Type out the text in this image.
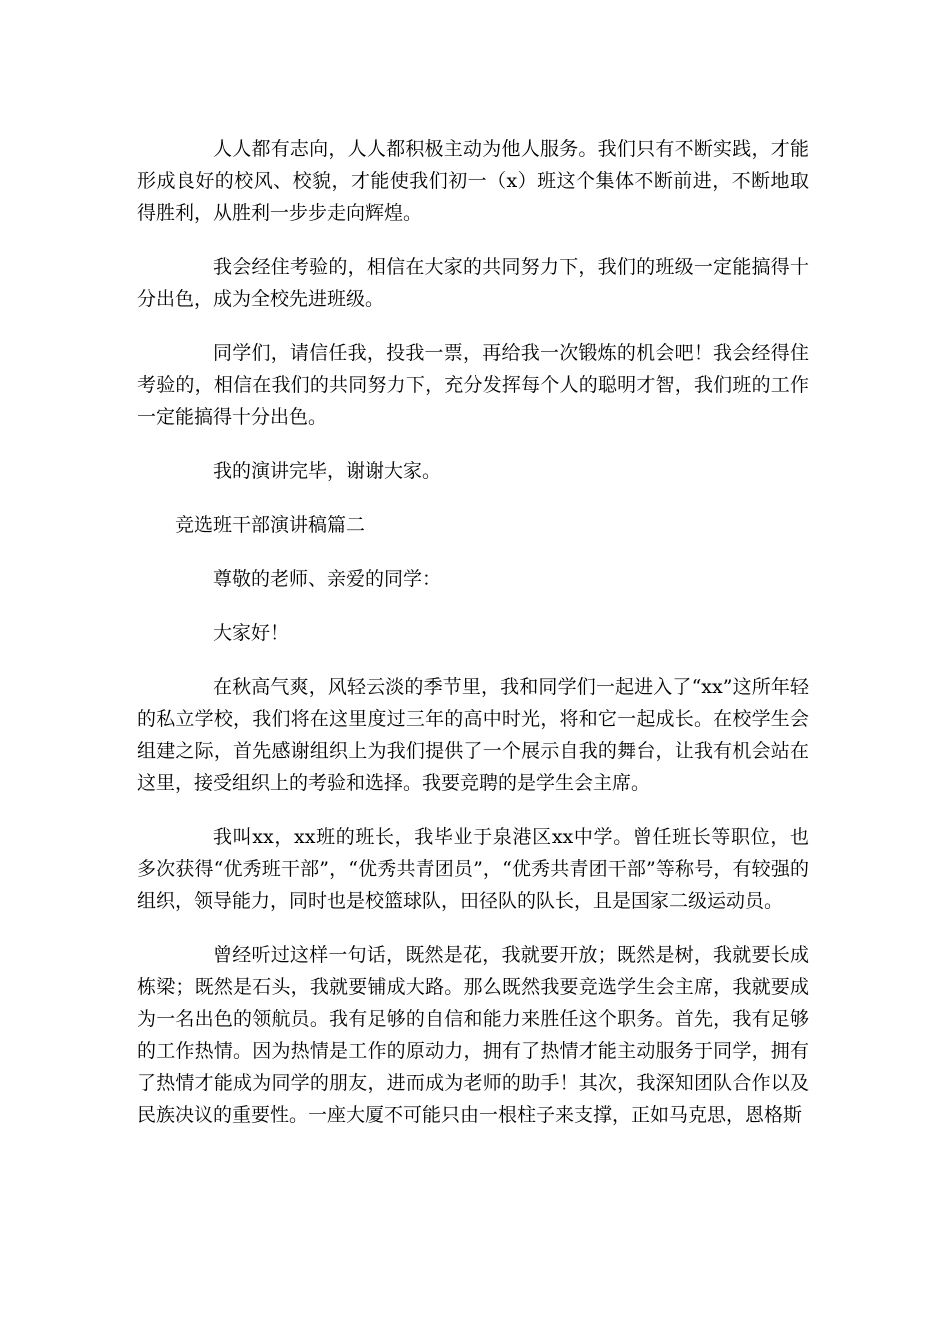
人人都有志向，人人都积极主动为他人服务。我们只有不断实践，才能形成良好的校风、校貌，才能使我们初一（x）班这个集体不断前进，不断地取得胜利，从胜利一步步走向辉煌。

我会经住考验的，相信在大家的共同努力下，我们的班级一定能搞得十分出色，成为全校先进班级。

同学们，请信任我，投我一票，再给我一次锻炼的机会吧！我会经得住考验的，相信在我们的共同努力下，充分发挥每个人的聪明才智，我们班的工作一定能搞得十分出色。

我的演讲完毕，谢谢大家。

竞选班干部演讲稿篇二

尊敬的老师、亲爱的同学：

大家好！

在秋高气爽，风轻云淡的季节里，我和同学们一起进入了“xx”这所年轻的私立学校，我们将在这里度过三年的高中时光，将和它一起成长。在校学生会组建之际，首先感谢组织上为我们提供了一个展示自我的舞台，让我有机会站在这里，接受组织上的考验和选择。我要竞聘的是学生会主席。

我叫xx，xx班的班长，我毕业于泉港区xx中学。曾任班长等职位，也多次获得“优秀班干部”，“优秀共青团员”，“优秀共青团干部”等称号，有较强的组织，领导能力，同时也是校篮球队，田径队的队长，且是国家二级运动员。

曾经听过这样一句话，既然是花，我就要开放；既然是树，我就要长成栋梁；既然是石头，我就要铺成大路。那么既然我要竞选学生会主席，我就要成为一名出色的领航员。我有足够的自信和能力来胜任这个职务。首先，我有足够的工作热情。因为热情是工作的原动力，拥有了热情才能主动服务于同学，拥有了热情才能成为同学的朋友，进而成为老师的助手！其次，我深知团队合作以及民族决议的重要性。一座大厦不可能只由一根柱子来支撑，正如马克思，恩格斯
